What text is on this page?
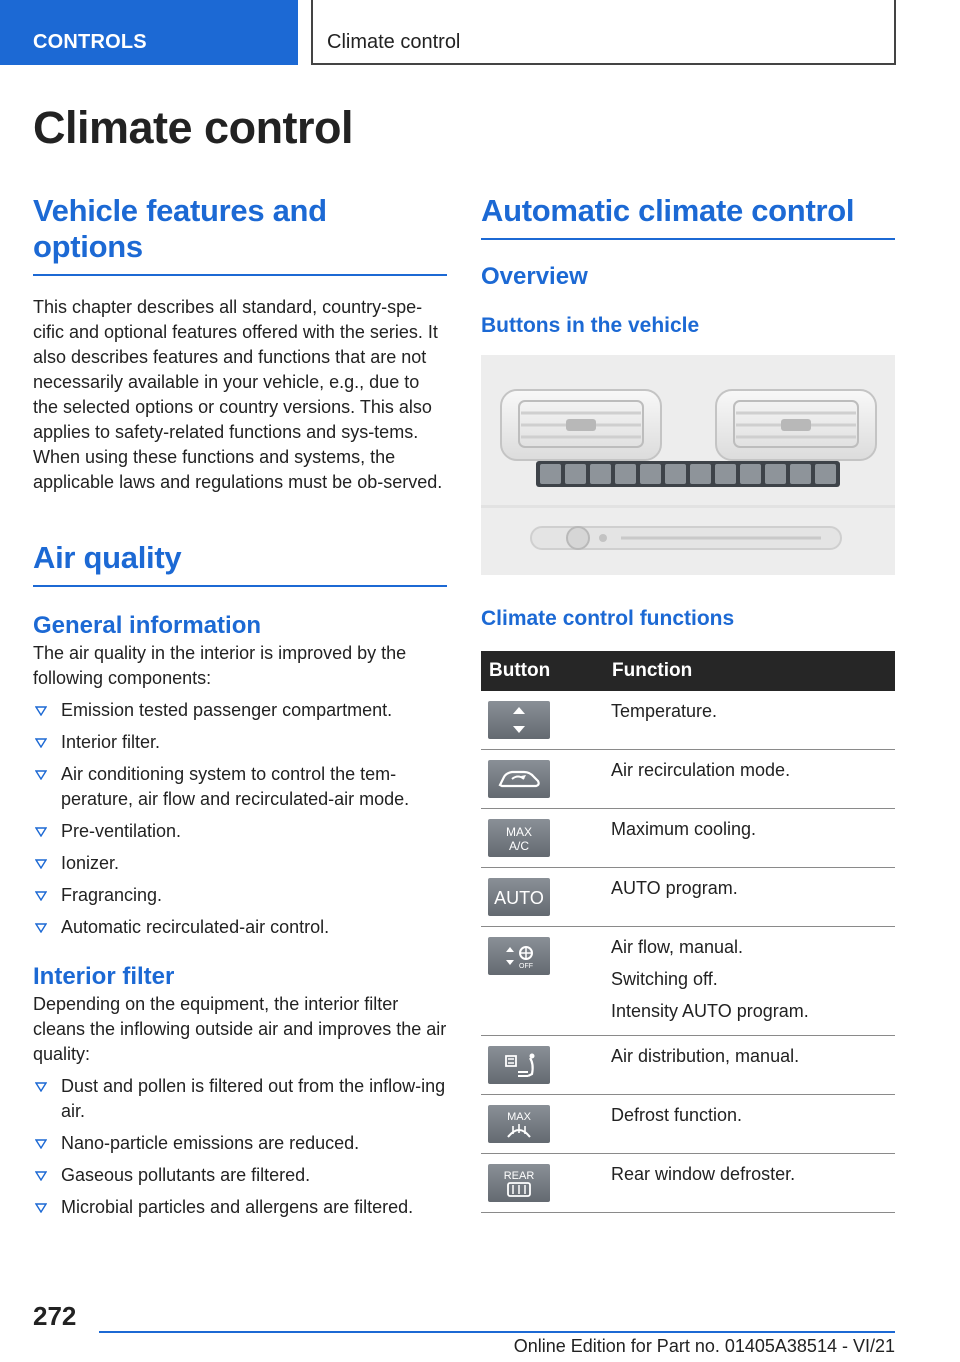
CONTROLS	Climate control
Climate control
Vehicle features and options

This chapter describes all standard, country-spe‐cific and optional features offered with the series. It also describes features and functions that are not necessarily available in your vehicle, e.g., due to the selected options or country versions. This also applies to safety-related functions and sys‐tems. When using these functions and systems, the applicable laws and regulations must be ob‐served.

Air quality
General information

The air quality in the interior is improved by the following components:

Emission tested passenger compartment.
Interior filter.
Air conditioning system to control the tem‐perature, air flow and recirculated-air mode.
Pre-ventilation.
Ionizer.
Fragrancing.
Automatic recirculated-air control.
Interior filter

Depending on the equipment, the interior filter cleans the inflowing outside air and improves the air quality:

Dust and pollen is filtered out from the inflow‐ing air.
Nano-particle emissions are reduced.
Gaseous pollutants are filtered.
Microbial particles and allergens are filtered.
Automatic climate control
Overview
Buttons in the vehicle
Climate control functions
Button	Function

Temperature.

Air recirculation mode.

MAX
A/C	Maximum cooling.

AUTO	AUTO program.

OFF	Air flow, manual.
Switching off.
Intensity AUTO program.

Air distribution, manual.

MAX	Defrost function.

REAR	Rear window defroster.
272
Online Edition for Part no. 01405A38514 - VI/21
